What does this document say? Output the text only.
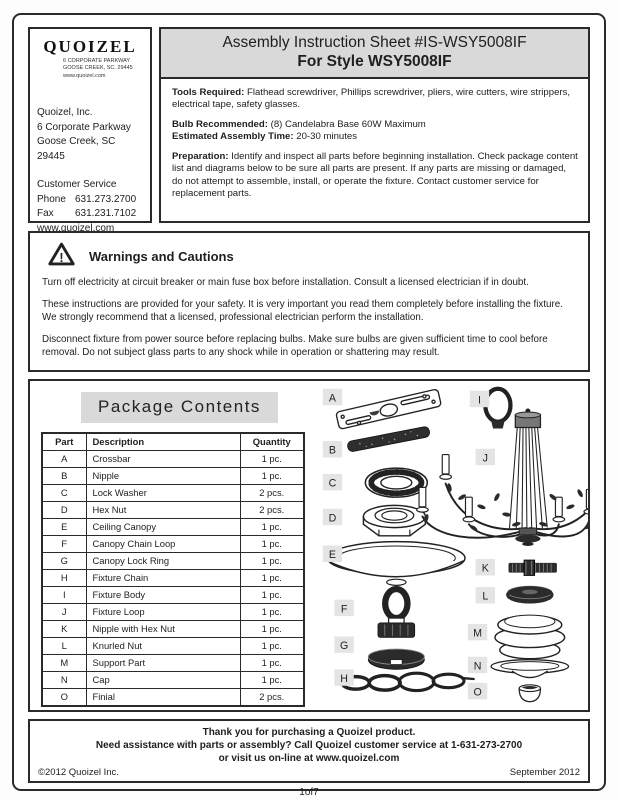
QUOIZEL
6 CORPORATE PARKWAY
GOOSE CREEK, SC. 29445
www.quoizel.com
Quoizel, Inc.
6 Corporate Parkway
Goose Creek, SC
29445
Customer Service
Phone 631.273.2700
Fax	631.231.7102
www.quoizel.com
Assembly Instruction Sheet #IS-WSY5008IF
For Style WSY5008IF

Tools Required: Flathead screwdriver, Phillips screwdriver, pliers, wire cutters, wire strippers, electrical tape, safety glasses.

Bulb Recommended: (8) Candelabra Base 60W Maximum

Estimated Assembly Time: 20-30 minutes

Preparation: Identify and inspect all parts before beginning installation. Check package content list and diagrams below to be sure all parts are present. If any parts are missing or damaged, do not attempt to assemble, install, or operate the fixture. Contact customer service for replacement parts.

! Warnings and Cautions

Turn off electricity at circuit breaker or main fuse box before installation. Consult a licensed electrician if in doubt.

These instructions are provided for your safety. It is very important you read them completely before installing the fixture. We strongly recommend that a licensed, professional electrician perform the installation.

Disconnect fixture from power source before replacing bulbs. Make sure bulbs are given sufficient time to cool before removal. Do not subject glass parts to any shock while in operation or shattering may result.

Package Contents
Part	Description	Quantity
A	Crossbar	1 pc.
B	Nipple	1 pc.
C	Lock Washer	2 pcs.
D	Hex Nut	2 pcs.
E	Ceiling Canopy	1 pc.
F	Canopy Chain Loop	1 pc.
G	Canopy Lock Ring	1 pc.
H	Fixture Chain	1 pc.
I	Fixture Body	1 pc.
J	Fixture Loop	1 pc.
K	Nipple with Hex Nut	1 pc.
L	Knurled Nut	1 pc.
M	Support Part	1 pc.
N	Cap	1 pc.
O	Finial	2 pcs.
A
B
C
D
E
F
G
H
I
J
K
L
M
N
O
Thank you for purchasing a Quoizel product.
Need assistance with parts or assembly? Call Quoizel customer service at 1-631-273-2700
or visit us on-line at www.quoizel.com
©2012 Quoizel Inc.	September 2012
1of7
